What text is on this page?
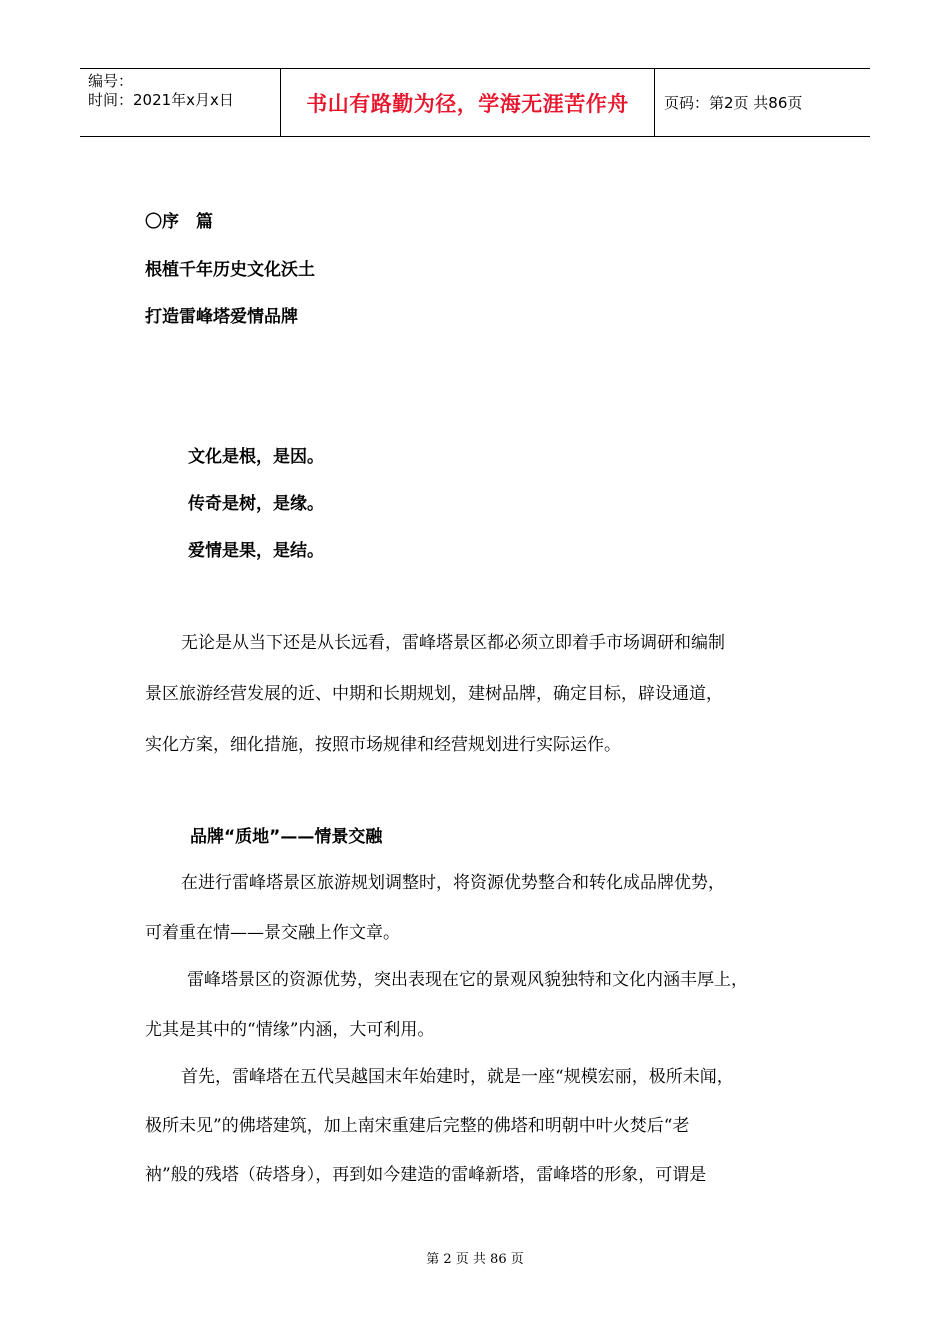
编号：
时间：2021年x月x日	书山有路勤为径，学海无涯苦作舟	页码：第2页 共86页
〇序　篇
根植千年历史文化沃土
打造雷峰塔爱情品牌
文化是根，是因。
传奇是树，是缘。
爱情是果，是结。
无论是从当下还是从长远看，雷峰塔景区都必须立即着手市场调研和编制
景区旅游经营发展的近、中期和长期规划，建树品牌，确定目标，辟设通道，
实化方案，细化措施，按照市场规律和经营规划进行实际运作。
品牌“质地”——情景交融
在进行雷峰塔景区旅游规划调整时，将资源优势整合和转化成品牌优势，
可着重在情——景交融上作文章。
雷峰塔景区的资源优势，突出表现在它的景观风貌独特和文化内涵丰厚上，
尤其是其中的“情缘”内涵，大可利用。
首先，雷峰塔在五代吴越国末年始建时，就是一座“规模宏丽，极所未闻，
极所未见”的佛塔建筑，加上南宋重建后完整的佛塔和明朝中叶火焚后“老
衲”般的残塔（砖塔身），再到如今建造的雷峰新塔，雷峰塔的形象，可谓是
第 2 页 共 86 页
